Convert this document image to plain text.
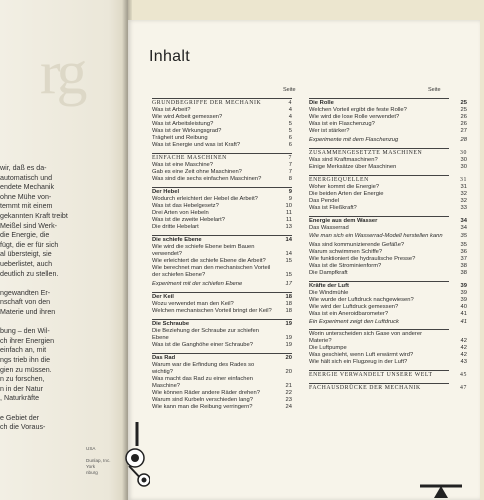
rg
wir, daß es da-
automatisch und
endete Mechanik
ohne Mühe von-
temmt mit einem
gekannten Kraft treibt
Meißel sind Werk-
die Energie, die
fügt, die er für sich
al übersteigt, sie
ueberlistet, auch
deutlich zu stellen.
ngewandten Er-
nschaft von den
Materie und ihren
bung – den Wil-
ch ihrer Energien
einfach an, mit
ngs trieb ihn die
gien zu müssen.
n zu forschen,
n in der Natur
, Naturkräfte
e Gebiet der
ch die Voraus-
USA
Dunlap, Inc.
York
nburg
Inhalt
Seite
GRUNDBEGRIFFE DER MECHANIK	4
Was ist Arbeit?	4
Wie wird Arbeit gemessen?	4
Was ist Arbeitsleistung?	5
Was ist der Wirkungsgrad?	5
Trägheit und Reibung	6
Was ist Energie und was ist Kraft?	6
EINFACHE MASCHINEN	7
Was ist eine Maschine?	7
Gab es eine Zeit ohne Maschinen?	7
Was sind die sechs einfachen Maschinen?	8
Der Hebel	9
Wodurch erleichtert der Hebel die Arbeit?	9
Was ist das Hebelgesetz?	10
Drei Arten von Hebeln	11
Was ist die zweite Hebelart?	11
Die dritte Hebelart	13
Die schiefe Ebene	14
Wie wird die schiefe Ebene beim Bauen verwendet?	14
Wie erleichtert die schiefe Ebene die Arbeit?	15
Wie berechnet man den mechanischen Vorteil der schiefen Ebene?	15
Experiment mit der schiefen Ebene	17
Der Keil	18
Wozu verwendet man den Keil?	18
Welchen mechanischen Vorteil bringt der Keil?	18
Die Schraube	19
Die Beziehung der Schraube zur schiefen Ebene	19
Was ist die Ganghöhe einer Schraube?	19
Das Rad	20
Warum war die Erfindung des Rades so wichtig?	20
Was macht das Rad zu einer einfachen Maschine?	21
Wie können Räder andere Räder drehen?	22
Warum sind Kurbeln verschieden lang?	23
Wie kann man die Reibung verringern?	24
Seite
Die Rolle	25
Welchen Vorteil ergibt die feste Rolle?	25
Wie wird die lose Rolle verwendet?	26
Was ist ein Flaschenzug?	26
Wer ist stärker?	27
Experimente mit dem Flaschenzug	28
ZUSAMMENGESETZTE MASCHINEN	30
Was sind Kraftmaschinen?	30
Einige Merksätze über Maschinen	30
ENERGIEQUELLEN	31
Woher kommt die Energie?	31
Die beiden Arten der Energie	32
Das Pendel	32
Was ist Fließkraft?	33
Energie aus dem Wasser	34
Das Wasserrad	34
Wie man sich ein Wasserrad-Modell herstellen kann	35
Was sind kommunizierende Gefäße?	35
Warum schwimmen Schiffe?	36
Wie funktioniert die hydraulische Presse?	37
Was ist die Strominienform?	38
Die Dampfkraft	38
Kräfte der Luft	39
Die Windmühle	39
Wie wurde der Luftdruck nachgewiesen?	39
Wie wird der Luftdruck gemessen?	40
Was ist ein Aneroidbarometer?	41
Ein Experiment zeigt den Luftdruck	41
Worin unterscheiden sich Gase von anderer Materie?	42
Die Luftpumpe	42
Was geschieht, wenn Luft erwärmt wird?	42
Wie hält sich ein Flugzeug in der Luft?	43
ENERGIE VERWANDELT UNSERE WELT	45
FACHAUSDRÜCKE DER MECHANIK	47
